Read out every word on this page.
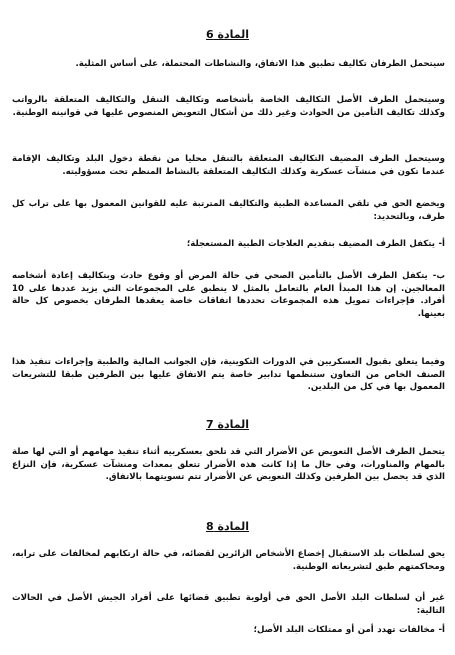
المادة 6
سيتحمل الطرفان تكاليف تطبيق هذا الاتفاق، والنشاطات المحتملة، على أساس المثلية.
وسيتحمل الطرف الأصل التكاليف الخاصة بأشخاصه وتكاليف التنقل والتكاليف المتعلقة بالرواتب وكذلك تكاليف التأمين من الحوادث وغير ذلك من أشكال التعويض المنصوص عليها في قوانينه الوطنية.
وسيتحمل الطرف المضيف التكاليف المتعلقة بالتنقل محليا من نقطة دخول البلد وتكاليف الإقامة عندما تكون في منشآت عسكرية وكذلك التكاليف المتعلقة بالنشاط المنظم تحت مسؤوليته.
ويخضع الحق في تلقي المساعدة الطبية والتكاليف المترتبة عليه للقوانين المعمول بها على تراب كل طرف، وبالتحديد:
أ- يتكفل الطرف المضيف بتقديم العلاجات الطبية المستعجلة؛
ب- يتكفل الطرف الأصل بالتأمين الصحي في حالة المرض أو وقوع حادث وبتكاليف إعادة أشخاصه المعالجين. إن هذا المبدأ العام بالتعامل بالمثل لا ينطبق على المجموعات التي يزيد عددها على 10 أفراد. فإجراءات تمويل هذه المجموعات تحددها اتفاقات خاصة يعقدها الطرفان بخصوص كل حالة بعينها.
وفيما يتعلق بقبول العسكريين في الدورات التكوينية، فإن الجوانب المالية والطبية وإجراءات تنفيذ هذا الصنف الخاص من التعاون ستنظمها تدابير خاصة يتم الاتفاق عليها بين الطرفين طبقا للتشريعات المعمول بها في كل من البلدين.
المادة 7
يتحمل الطرف الأصل التعويض عن الأضرار التي قد تلحق بعسكرييه أثناء تنفيذ مهامهم أو التي لها صلة بالمهام والمناورات، وفي حال ما إذا كانت هذه الأضرار تتعلق بمعدات ومنشآت عسكرية، فإن النزاع الذي قد يحصل بين الطرفين وكذلك التعويض عن الأضرار تتم تسويتهما بالاتفاق.
المادة 8
يحق لسلطات بلد الاستقبال إخضاع الأشخاص الزائرين لقضائه، في حالة ارتكابهم لمخالفات على ترابه، ومحاكمتهم طبق لتشريعاته الوطنية.
غير أن لسلطات البلد الأصل الحق في أولوية تطبيق قضائها على أفراد الجيش الأصل في الحالات التالية:
أ- مخالفات تهدد أمن أو ممتلكات البلد الأصل؛
